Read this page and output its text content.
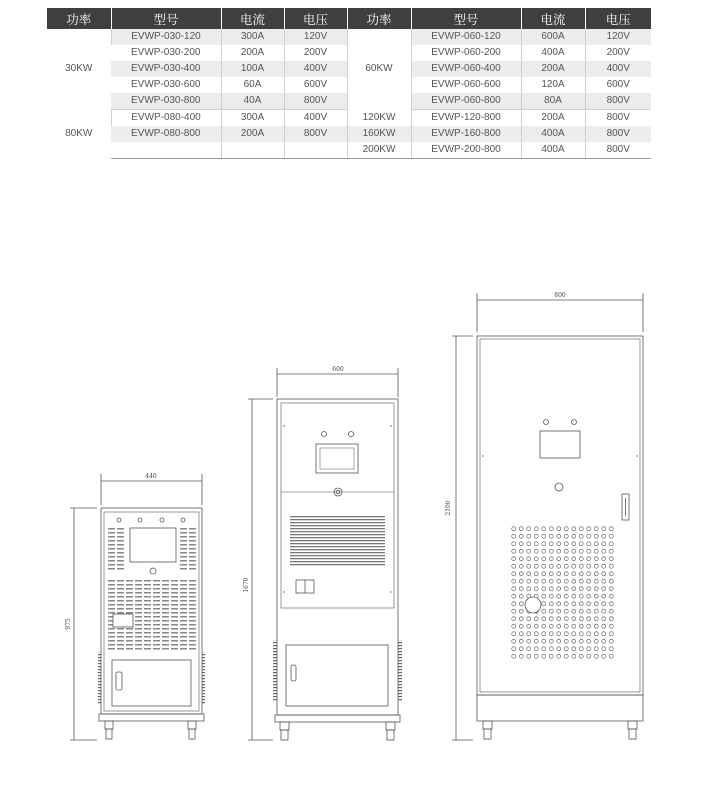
功率	型号	电流	电压	功率	型号	电流	电压
30KW	EVWP-030-120	300A	120V	60KW	EVWP-060-120	600A	120V
	EVWP-030-200	200A	200V		EVWP-060-200	400A	200V
	EVWP-030-400	100A	400V		EVWP-060-400	200A	400V
	EVWP-030-600	60A	600V		EVWP-060-600	120A	600V
	EVWP-030-800	40A	800V		EVWP-060-800	80A	800V
80KW	EVWP-080-400	300A	400V	120KW	EVWP-120-800	200A	800V
	EVWP-080-800	200A	800V	160KW	EVWP-160-800	400A	800V
				200KW	EVWP-200-800	400A	800V
440
975
600
1670
800
2100
